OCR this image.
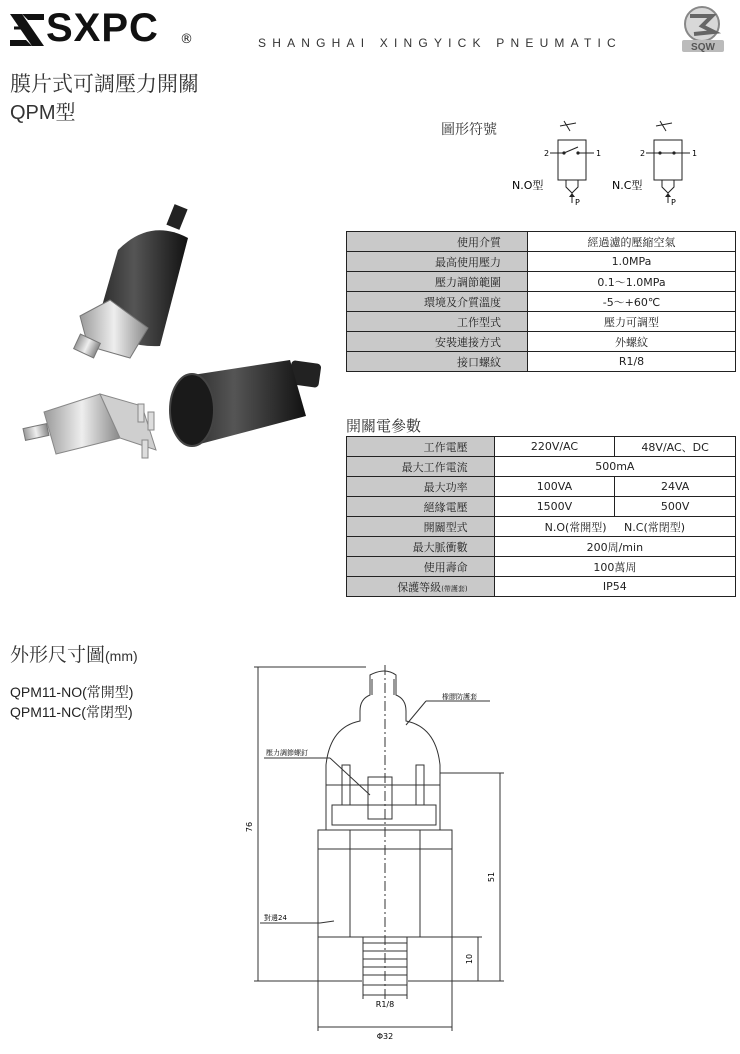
SXPC ®	SHANGHAI XINGYICK PNEUMATIC	SQW
膜片式可調壓力開關
QPM型
圖形符號
2	1
P
N.O型
2	1
P
N.C型
使用介質	經過濾的壓縮空氣
最高使用壓力	1.0MPa
壓力調節範圍	0.1～1.0MPa
環境及介質溫度	-5～+60℃
工作型式	壓力可調型
安裝連接方式	外螺紋
接口螺紋	R1/8
開關電參數
工作電壓	220V/AC	48V/AC、DC
最大工作電流	500mA	
最大功率	100VA	24VA
絕緣電壓	1500V	500V
開關型式	N.O(常開型) N.C(常閉型)	
最大脈衝數	200周/min	
使用壽命	100萬周	
保護等級(帶護套)	IP54	
外形尺寸圖(mm)
QPM11-NO(常開型)
QPM11-NC(常閉型)
76
51
10
R1/8
Φ32
橡膠防護套
壓力調節螺釘
對邊24
